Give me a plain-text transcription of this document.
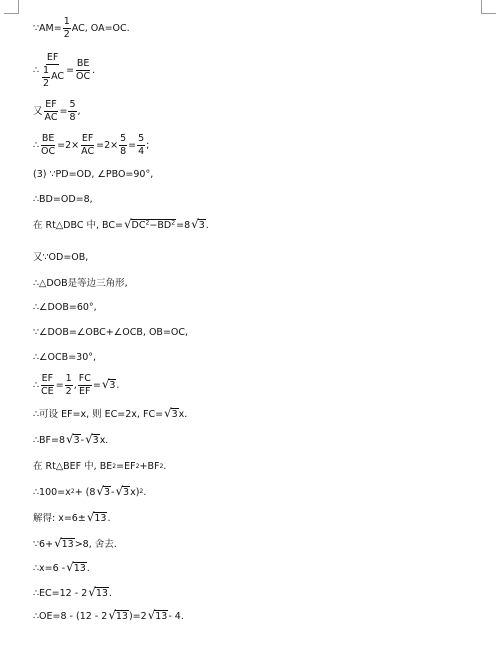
∵AM= $\frac{1}{2}$ AC, OA=OC.
∴ $\frac{EF}{\frac{1}{2} AC} = \frac{BE}{OC}$ .
又 $\frac{EF}{AC} = \frac{5}{8}$ ,
∴ $\frac{BE}{OC} =2\times \frac{EF}{AC} =2\times \frac{5}{8} = \frac{5}{4}$ ;
(3) ∵PD=OD, ∠PBO=90°,
∴BD=OD=8,
在 Rt△DBC 中, BC= √ $DC^2-BD^2 =8$ √ 3 .
又∵OD=OB,
∴△DOB是等边三角形,
∴∠DOB=60°,
∵∠DOB=∠OBC+∠OCB, OB=OC,
∴∠OCB=30°,
∴ $\frac{EF}{CE} = \frac{1}{2}$ , $\frac{FC}{EF}$ = √ 3 .
∴可设 EF=x, 则 EC=2x, FC= √ 3 x.
∴BF=8 √ 3 - √ 3 x.
在 Rt△BEF 中, BE 2 =EF 2 +BF 2 .
∴100=x 2 + (8 √ 3 - √ 3 x) 2 .
解得: x=6± √ 13 .
∵6+ √ 13 >8, 舍去.
∴x=6 - √ 13 .
∴EC=12 - 2 √ 13 .
∴OE=8 - (12 - 2 √ 13 )=2 √ 13 - 4.
